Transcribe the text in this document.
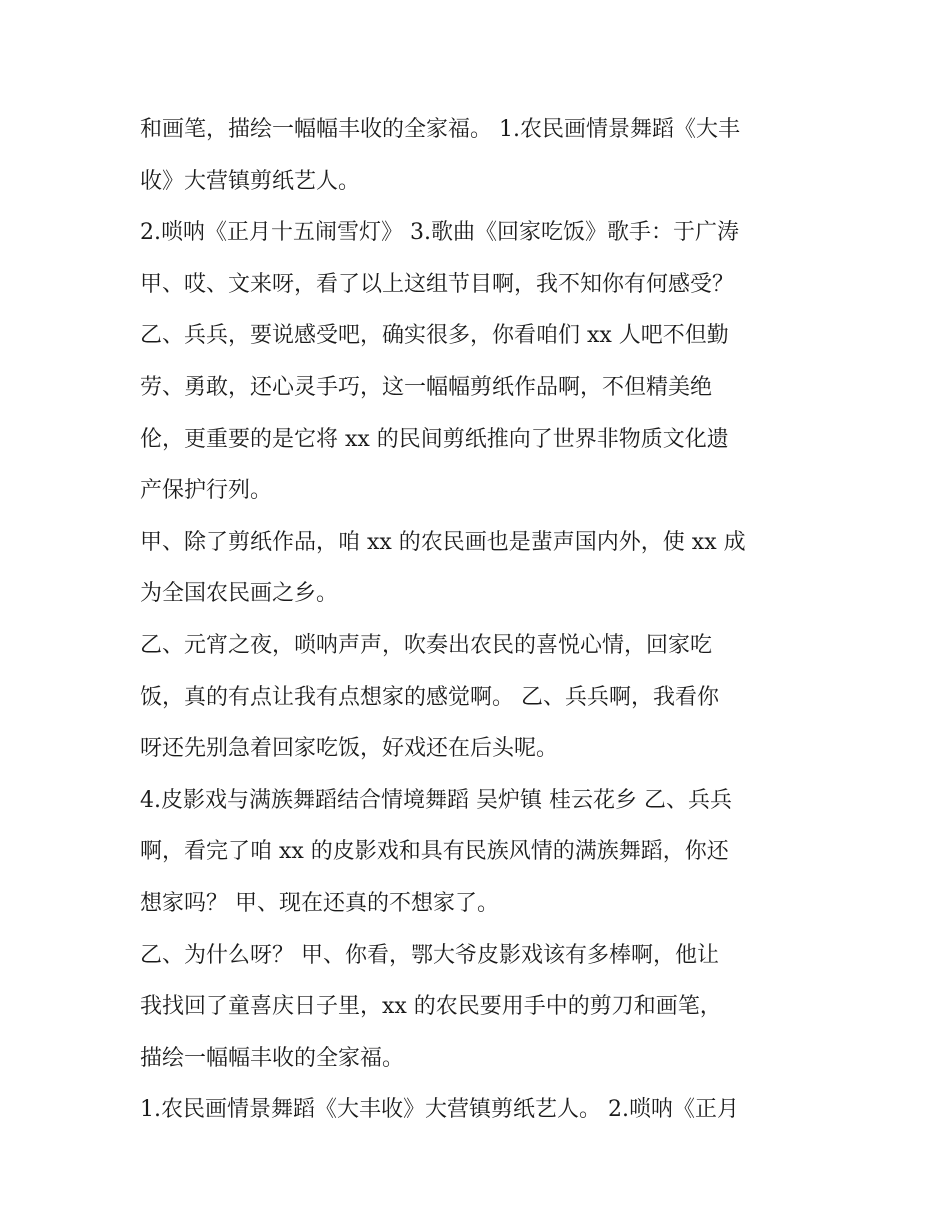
和画笔，描绘一幅幅丰收的全家福。 1.农民画情景舞蹈《大丰
收》大营镇剪纸艺人。
2.唢呐《正月十五闹雪灯》 3.歌曲《回家吃饭》歌手：于广涛
甲、哎、文来呀，看了以上这组节目啊，我不知你有何感受？
乙、兵兵，要说感受吧，确实很多，你看咱们 xx 人吧不但勤
劳、勇敢，还心灵手巧，这一幅幅剪纸作品啊，不但精美绝
伦，更重要的是它将 xx 的民间剪纸推向了世界非物质文化遗
产保护行列。
甲、除了剪纸作品，咱 xx 的农民画也是蜚声国内外，使 xx 成
为全国农民画之乡。
乙、元宵之夜，唢呐声声，吹奏出农民的喜悦心情，回家吃
饭，真的有点让我有点想家的感觉啊。 乙、兵兵啊，我看你
呀还先别急着回家吃饭，好戏还在后头呢。
4.皮影戏与满族舞蹈结合情境舞蹈 吴炉镇 桂云花乡 乙、兵兵
啊，看完了咱 xx 的皮影戏和具有民族风情的满族舞蹈，你还
想家吗？ 甲、现在还真的不想家了。
乙、为什么呀？ 甲、你看，鄂大爷皮影戏该有多棒啊，他让
我找回了童喜庆日子里，xx 的农民要用手中的剪刀和画笔，
描绘一幅幅丰收的全家福。
1.农民画情景舞蹈《大丰收》大营镇剪纸艺人。 2.唢呐《正月
